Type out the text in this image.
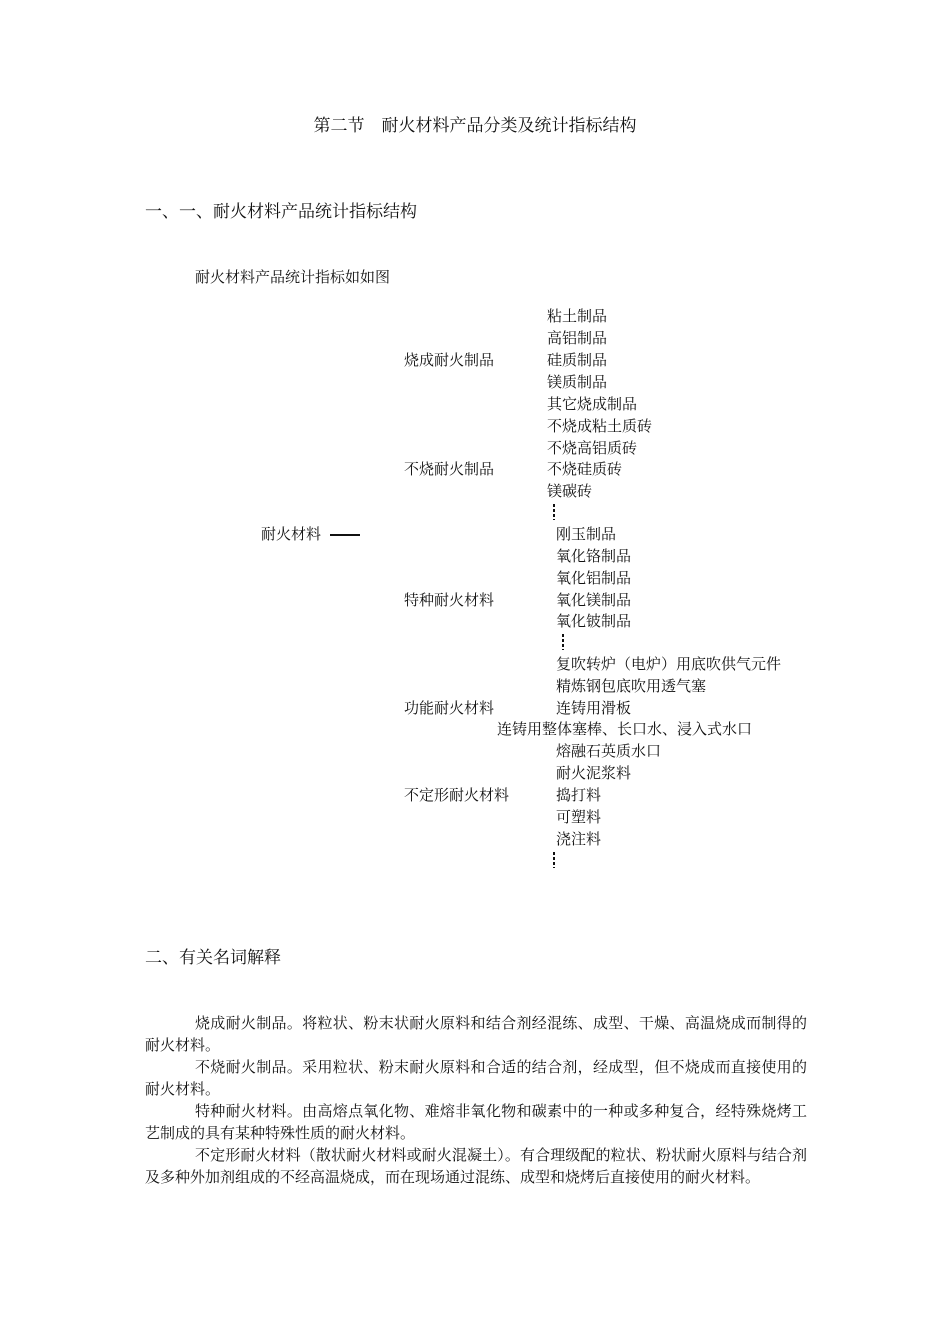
第二节　耐火材料产品分类及统计指标结构
一、一、耐火材料产品统计指标结构
耐火材料产品统计指标如如图
耐火材料
烧成耐火制品
不烧耐火制品
特种耐火材料
功能耐火材料
不定形耐火材料
粘土制品
高铝制品
硅质制品
镁质制品
其它烧成制品
不烧成粘土质砖
不烧高铝质砖
不烧硅质砖
镁碳砖
刚玉制品
氧化铬制品
氧化铝制品
氧化镁制品
氧化铍制品
复吹转炉（电炉）用底吹供气元件
精炼钢包底吹用透气塞
连铸用滑板
连铸用整体塞棒、长口水、浸入式水口
熔融石英质水口
耐火泥浆料
捣打料
可塑料
浇注料
二、有关名词解释

烧成耐火制品。将粒状、粉末状耐火原料和结合剂经混练、成型、干燥、高温烧成而制得的耐火材料。

不烧耐火制品。采用粒状、粉末耐火原料和合适的结合剂，经成型，但不烧成而直接使用的耐火材料。

特种耐火材料。由高熔点氧化物、难熔非氧化物和碳素中的一种或多种复合，经特殊烧烤工艺制成的具有某种特殊性质的耐火材料。

不定形耐火材料（散状耐火材料或耐火混凝土）。有合理级配的粒状、粉状耐火原料与结合剂及多种外加剂组成的不经高温烧成，而在现场通过混练、成型和烧烤后直接使用的耐火材料。
